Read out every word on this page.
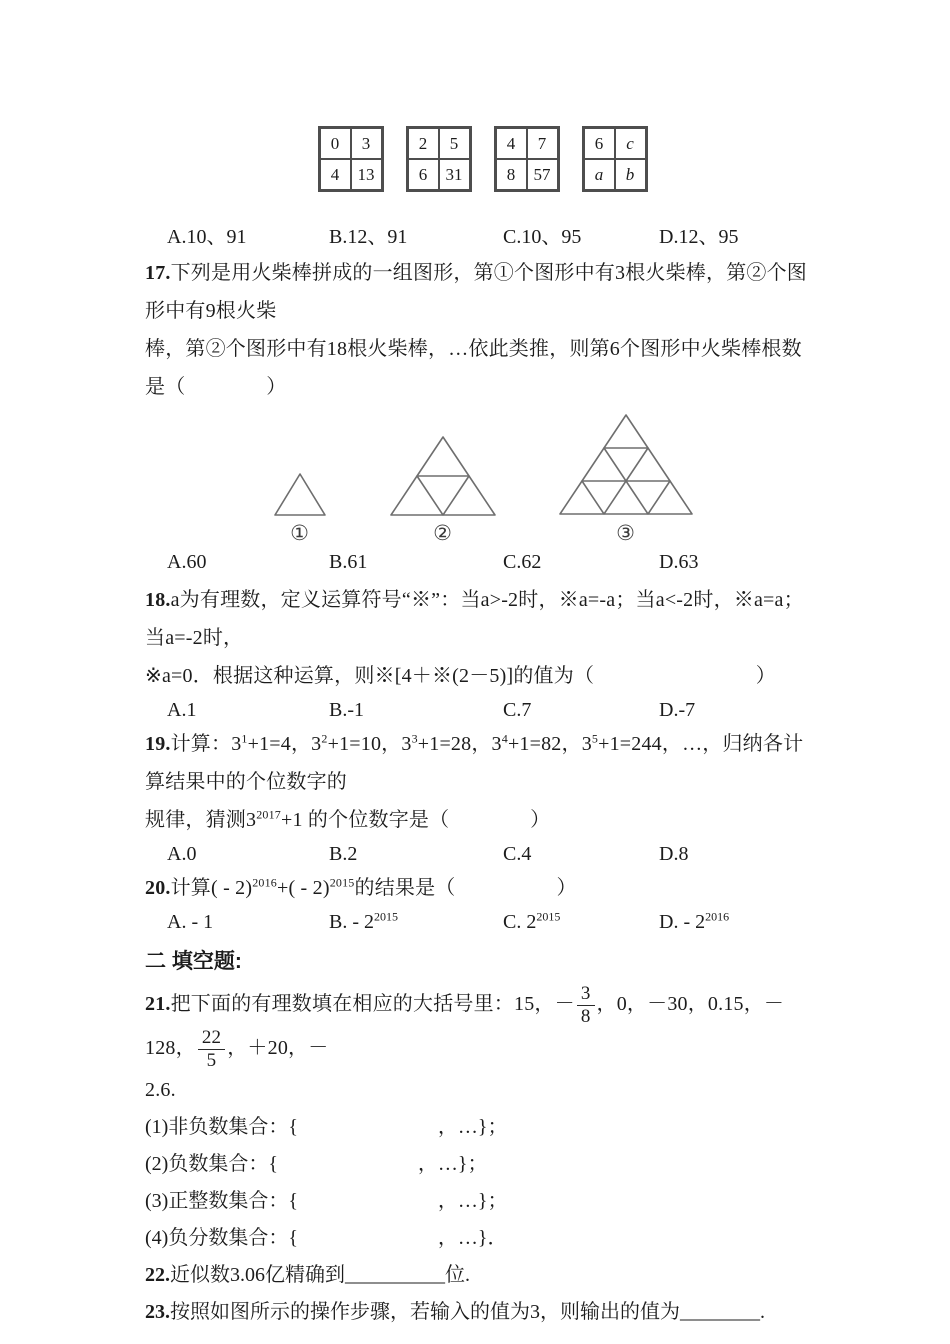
0	3
4	13
2	5
6	31
4	7
8	57
6	c
a	b
A.10、91	B.12、91	C.10、95	D.12、95

17.下列是用火柴棒拼成的一组图形，第①个图形中有3根火柴棒，第②个图形中有9根火柴

棒，第②个图形中有18根火柴棒，…依此类推，则第6个图形中火柴棒根数是（　　　　）

①	②	③
A.60	B.61	C.62	D.63

18.a为有理数，定义运算符号“※”：当a>-2时，※a=-a；当a<-2时，※a=a；当a=-2时，

※a=0．根据这种运算，则※[4＋※(2－5)]的值为（　　　　　　　　）

A.1	B.-1	C.7	D.-7

19.计算：$3^1+1=4$，$3^2+1=10$，$3^3+1=28$，$3^4+1=82$，$3^5+1=244$，…，归纳各计算结果中的个位数字的

规律，猜测$3^{2017}+1$ 的个位数字是（　　　　）

A.0	B.2	C.4	D.8

20.计算( - 2)$^{2016}$+( - 2)$^{2015}$的结果是（　　　　　）

A. - 1	B. - $2^{2015}$	C. $2^{2015}$	D. - $2^{2016}$
二 填空题:

21.把下面的有理数填在相应的大括号里：15，－ $\frac{3}{8}$ ，0，－30，0.15，－128， $\frac{22}{5}$ ，＋20，－

2.6.

(1)非负数集合：{　　　　　　　，…}；

(2)负数集合：{　　　　　　　，…}；

(3)正整数集合：{　　　　　　　，…}；

(4)负分数集合：{　　　　　　　，…}．

22.近似数3.06亿精确到__________位.

23.按照如图所示的操作步骤，若输入的值为3，则输出的值为________.
